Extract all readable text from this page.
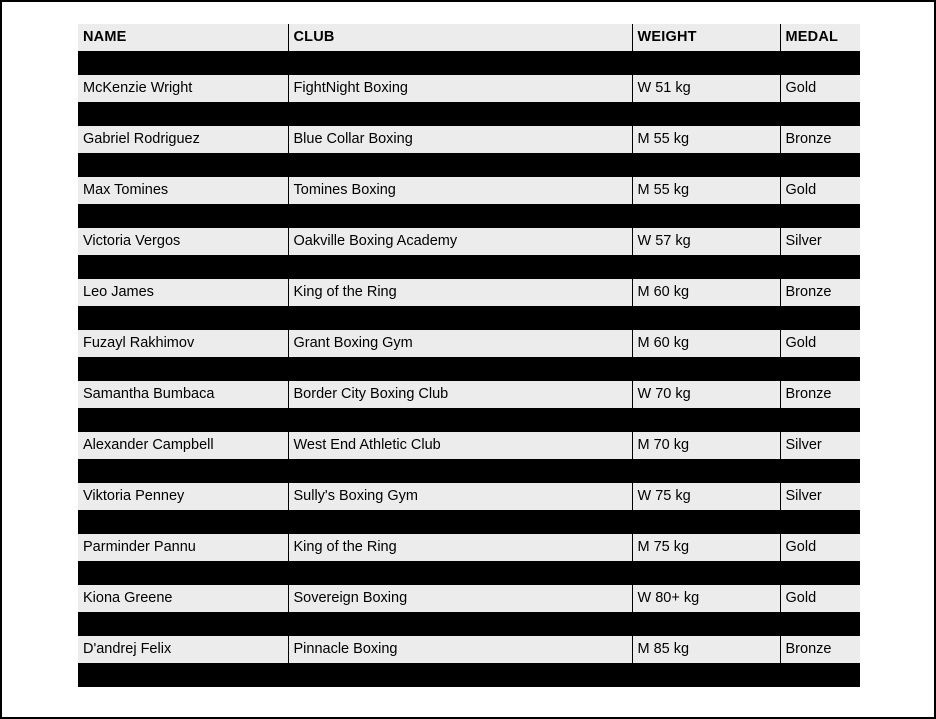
NAME	CLUB	WEIGHT	MEDAL

McKenzie Wright	FightNight Boxing	W 51 kg	Gold

Gabriel Rodriguez	Blue Collar Boxing	M 55 kg	Bronze

Max Tomines	Tomines Boxing	M 55 kg	Gold

Victoria Vergos	Oakville Boxing Academy	W 57 kg	Silver

Leo James	King of the Ring	M 60 kg	Bronze

Fuzayl Rakhimov	Grant Boxing Gym	M 60 kg	Gold

Samantha Bumbaca	Border City Boxing Club	W 70 kg	Bronze

Alexander Campbell	West End Athletic Club	M 70 kg	Silver

Viktoria Penney	Sully's Boxing Gym	W 75 kg	Silver

Parminder Pannu	King of the Ring	M 75 kg	Gold

Kiona Greene	Sovereign Boxing	W 80+ kg	Gold

D'andrej Felix	Pinnacle Boxing	M 85 kg	Bronze
